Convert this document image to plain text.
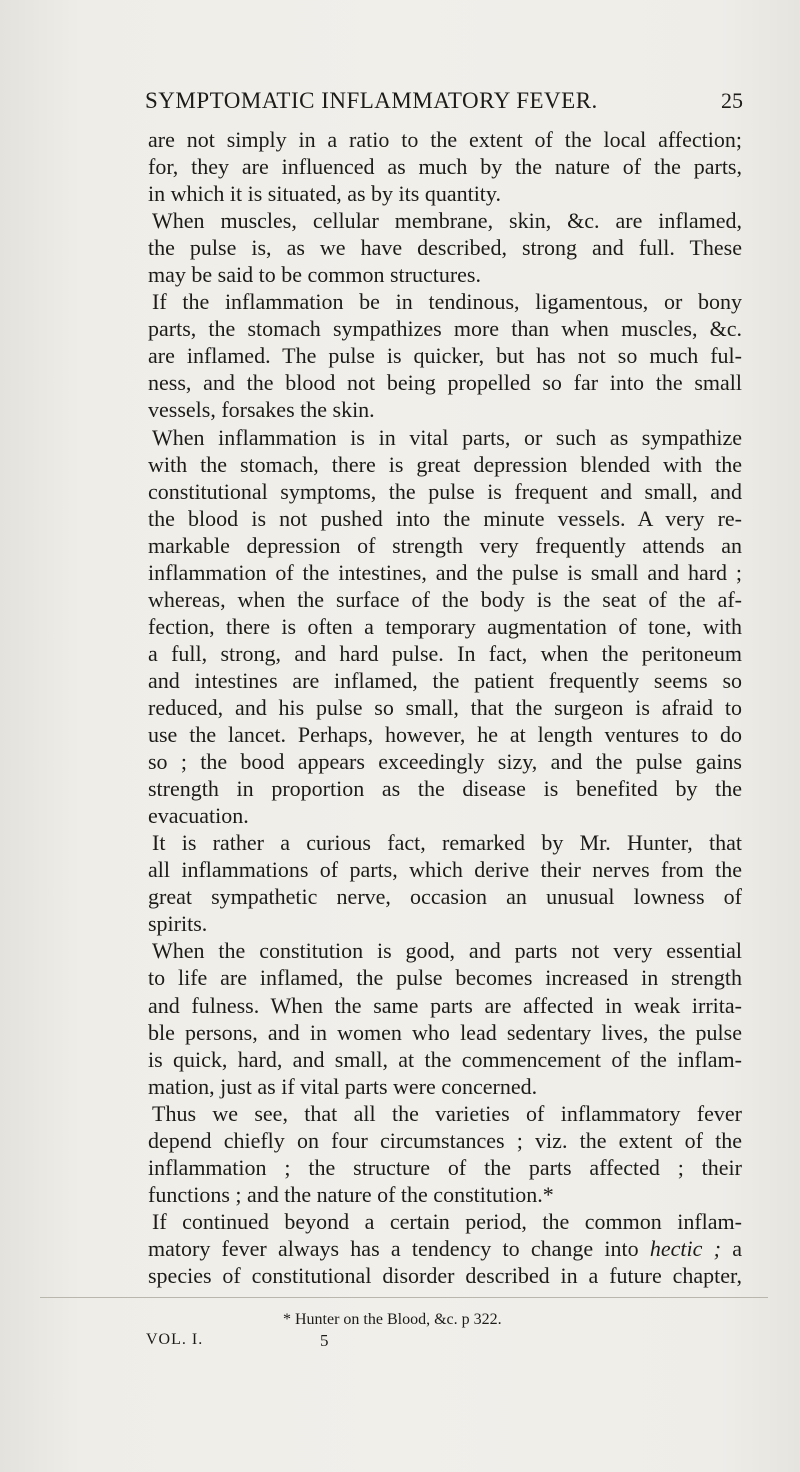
SYMPTOMATIC INFLAMMATORY FEVER.	25
are not simply in a ratio to the extent of the local affection;
for, they are influenced as much by the nature of the parts,
in which it is situated, as by its quantity.
When muscles, cellular membrane, skin, &c. are inflamed,
the pulse is, as we have described, strong and full. These
may be said to be common structures.
If the inflammation be in tendinous, ligamentous, or bony
parts, the stomach sympathizes more than when muscles, &c.
are inflamed. The pulse is quicker, but has not so much ful-
ness, and the blood not being propelled so far into the small
vessels, forsakes the skin.
When inflammation is in vital parts, or such as sympathize
with the stomach, there is great depression blended with the
constitutional symptoms, the pulse is frequent and small, and
the blood is not pushed into the minute vessels. A very re-
markable depression of strength very frequently attends an
inflammation of the intestines, and the pulse is small and hard ;
whereas, when the surface of the body is the seat of the af-
fection, there is often a temporary augmentation of tone, with
a full, strong, and hard pulse. In fact, when the peritoneum
and intestines are inflamed, the patient frequently seems so
reduced, and his pulse so small, that the surgeon is afraid to
use the lancet. Perhaps, however, he at length ventures to do
so ; the bood appears exceedingly sizy, and the pulse gains
strength in proportion as the disease is benefited by the
evacuation.
It is rather a curious fact, remarked by Mr. Hunter, that
all inflammations of parts, which derive their nerves from the
great sympathetic nerve, occasion an unusual lowness of
spirits.
When the constitution is good, and parts not very essential
to life are inflamed, the pulse becomes increased in strength
and fulness. When the same parts are affected in weak irrita-
ble persons, and in women who lead sedentary lives, the pulse
is quick, hard, and small, at the commencement of the inflam-
mation, just as if vital parts were concerned.
Thus we see, that all the varieties of inflammatory fever
depend chiefly on four circumstances ; viz. the extent of the
inflammation ; the structure of the parts affected ; their
functions ; and the nature of the constitution.*
If continued beyond a certain period, the common inflam-
matory fever always has a tendency to change into hectic ; a
species of constitutional disorder described in a future chapter,
* Hunter on the Blood, &c. p 322.
VOL. I.	5
